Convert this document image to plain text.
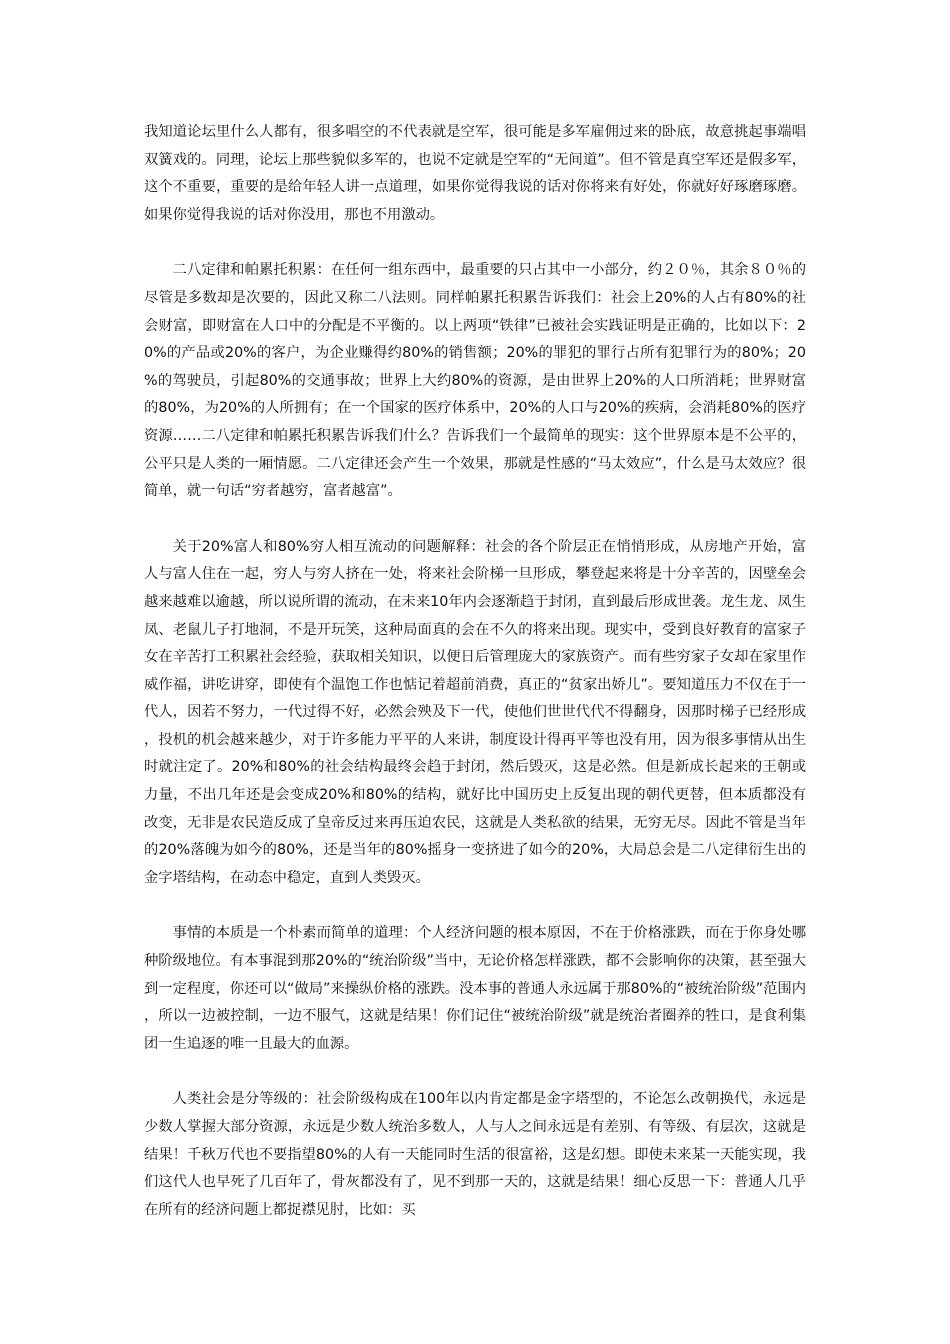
我知道论坛里什么人都有，很多唱空的不代表就是空军，很可能是多军雇佣过来的卧底，故意挑起事端唱双簧戏的。同理，论坛上那些貌似多军的，也说不定就是空军的“无间道”。但不管是真空军还是假多军，这个不重要，重要的是给年轻人讲一点道理，如果你觉得我说的话对你将来有好处，你就好好琢磨琢磨。如果你觉得我说的话对你没用，那也不用激动。

二八定律和帕累托积累：在任何一组东西中，最重要的只占其中一小部分，约２０％，其余８０％的尽管是多数却是次要的，因此又称二八法则。同样帕累托积累告诉我们：社会上20%的人占有80%的社会财富，即财富在人口中的分配是不平衡的。以上两项“铁律”已被社会实践证明是正确的，比如以下：20%的产品或20%的客户，为企业赚得约80%的销售额；20%的罪犯的罪行占所有犯罪行为的80%；20%的驾驶员，引起80%的交通事故；世界上大约80%的资源，是由世界上20%的人口所消耗；世界财富的80%，为20%的人所拥有；在一个国家的医疗体系中，20%的人口与20%的疾病，会消耗80%的医疗资源……二八定律和帕累托积累告诉我们什么？告诉我们一个最简单的现实：这个世界原本是不公平的，公平只是人类的一厢情愿。二八定律还会产生一个效果，那就是性感的“马太效应”，什么是马太效应？很简单，就一句话“穷者越穷，富者越富”。

关于20%富人和80%穷人相互流动的问题解释：社会的各个阶层正在悄悄形成，从房地产开始，富人与富人住在一起，穷人与穷人挤在一处，将来社会阶梯一旦形成，攀登起来将是十分辛苦的，因壁垒会越来越难以逾越，所以说所谓的流动，在未来10年内会逐渐趋于封闭，直到最后形成世袭。龙生龙、凤生凤、老鼠儿子打地洞，不是开玩笑，这种局面真的会在不久的将来出现。现实中，受到良好教育的富家子女在辛苦打工积累社会经验，获取相关知识，以便日后管理庞大的家族资产。而有些穷家子女却在家里作威作福，讲吃讲穿，即使有个温饱工作也惦记着超前消费，真正的“贫家出娇儿”。要知道压力不仅在于一代人，因若不努力，一代过得不好，必然会殃及下一代，使他们世世代代不得翻身，因那时梯子已经形成，投机的机会越来越少，对于许多能力平平的人来讲，制度设计得再平等也没有用，因为很多事情从出生时就注定了。20%和80%的社会结构最终会趋于封闭，然后毁灭，这是必然。但是新成长起来的王朝或力量，不出几年还是会变成20%和80%的结构，就好比中国历史上反复出现的朝代更替，但本质都没有改变，无非是农民造反成了皇帝反过来再压迫农民，这就是人类私欲的结果，无穷无尽。因此不管是当年的20%落魄为如今的80%，还是当年的80%摇身一变挤进了如今的20%，大局总会是二八定律衍生出的金字塔结构，在动态中稳定，直到人类毁灭。

事情的本质是一个朴素而简单的道理：个人经济问题的根本原因，不在于价格涨跌，而在于你身处哪种阶级地位。有本事混到那20%的“统治阶级”当中，无论价格怎样涨跌，都不会影响你的决策，甚至强大到一定程度，你还可以“做局”来操纵价格的涨跌。没本事的普通人永远属于那80%的“被统治阶级”范围内，所以一边被控制，一边不服气，这就是结果！你们记住“被统治阶级”就是统治者圈养的牲口，是食利集团一生追逐的唯一且最大的血源。

人类社会是分等级的：社会阶级构成在100年以内肯定都是金字塔型的，不论怎么改朝换代，永远是少数人掌握大部分资源，永远是少数人统治多数人，人与人之间永远是有差别、有等级、有层次，这就是结果！千秋万代也不要指望80%的人有一天能同时生活的很富裕，这是幻想。即使未来某一天能实现，我们这代人也早死了几百年了，骨灰都没有了，见不到那一天的，这就是结果！细心反思一下：普通人几乎在所有的经济问题上都捉襟见肘，比如：买
